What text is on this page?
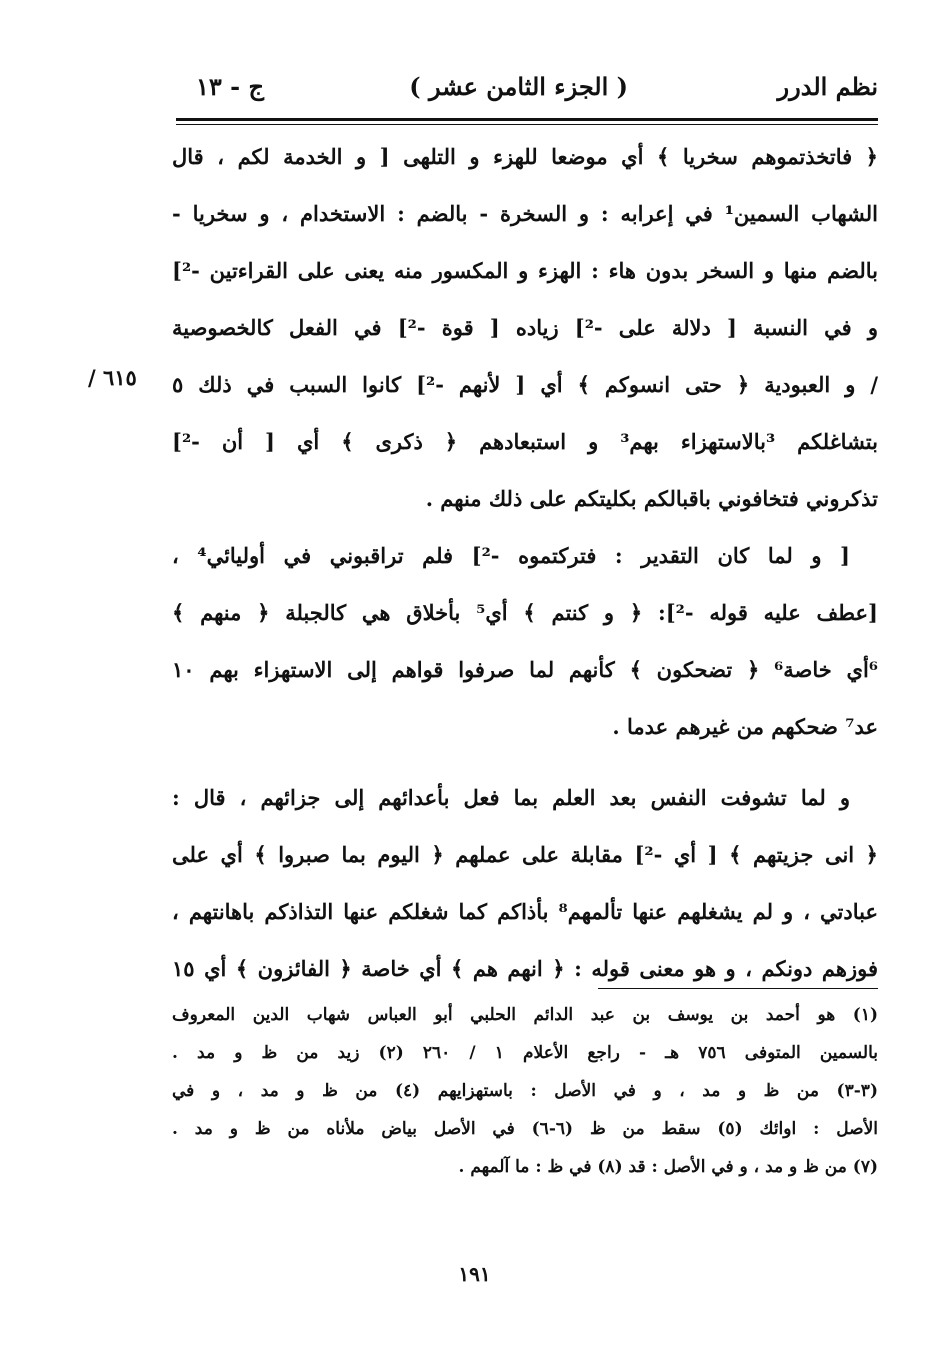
نظم الدرر
( الجزء الثامن عشر )
ج - ١٣
٦١٥ /
﴿ فاتخذتموهم سخريا ﴾ أي موضعا للهزء و التلهى [ و الخدمة لكم ، قال
الشهاب السمين¹ في إعرابه : و السخرة - بالضم : الاستخدام ، و سخريا -
بالضم منها و السخر بدون هاء : الهزء و المكسور منه يعنى على القراءتين -²]
و في النسبة [ دلالة على -²] زياده [ قوة -²] في الفعل كالخصوصية
/ و العبودية ﴿ حتى انسوكم ﴾ أي [ لأنهم -²] كانوا السبب في ذلك ٥
بتشاغلكم ³بالاستهزاء بهم³ و استبعادهم ﴿ ذكرى ﴾ أي [ أن -²]
تذكروني فتخافوني باقبالكم بكليتكم على ذلك منهم .
[ و لما كان التقدير : فتركتموه -²] فلم تراقبوني في أوليائي⁴ ،
[عطف عليه قوله -²]: ﴿ و كنتم ﴾ أي⁵ بأخلاق هي كالجبلة ﴿ منهم ﴾
⁶أي خاصة⁶ ﴿ تضحكون ﴾ كأنهم لما صرفوا قواهم إلى الاستهزاء بهم ١٠
عد⁷ ضحكهم من غيرهم عدما .
و لما تشوفت النفس بعد العلم بما فعل بأعدائهم إلى جزائهم ، قال :
﴿ انى جزيتهم ﴾ [ أي -²] مقابلة على عملهم ﴿ اليوم بما صبروا ﴾ أي على
عبادتي ، و لم يشغلهم عنها تألمهم⁸ بأذاكم كما شغلكم عنها التذاذكم باهانتهم ،
فوزهم دونكم ، و هو معنى قوله : ﴿ انهم هم ﴾ أي خاصة ﴿ الفائزون ﴾ أي ١٥
(١) هو أحمد بن يوسف بن عبد الدائم الحلبي أبو العباس شهاب الدين المعروف
بالسمين المتوفى ٧٥٦ هـ - راجع الأعلام ١ / ٢٦٠ (٢) زيد من ظ و مد .
(٣-٣) من ظ و مد ، و في الأصل : باستهزايهم (٤) من ظ و مد ، و في
الأصل : اوائك (٥) سقط من ظ (٦-٦) في الأصل بياض ملأناه من ظ و مد .
(٧) من ظ و مد ، و في الأصل : قد (٨) في ظ : ما آلمهم .
١٩١
